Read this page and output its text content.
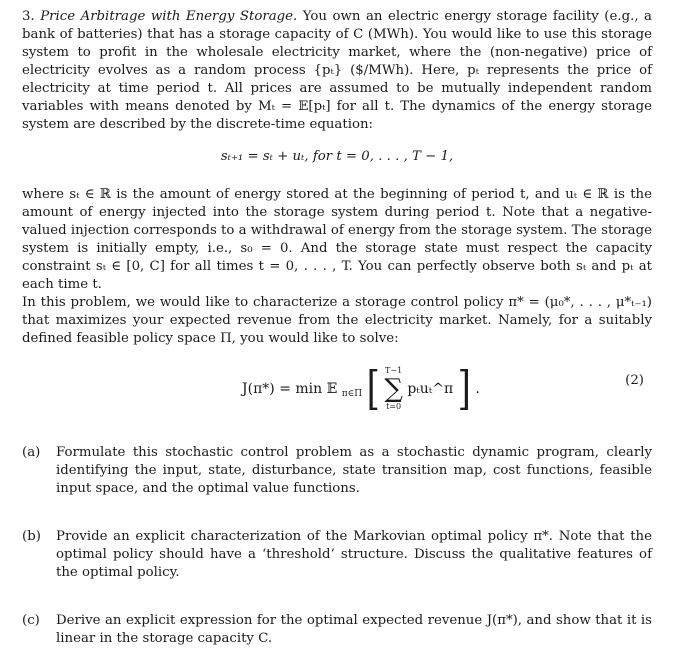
3. Price Arbitrage with Energy Storage. You own an electric energy storage facility (e.g., a bank of batteries) that has a storage capacity of C (MWh). You would like to use this storage system to profit in the wholesale electricity market, where the (non-negative) price of electricity evolves as a random process {pₜ} ($/MWh). Here, pₜ represents the price of electricity at time period t. All prices are assumed to be mutually independent random variables with means denoted by Mₜ = 𝔼[pₜ] for all t. The dynamics of the energy storage system are described by the discrete-time equation:

sₜ₊₁ = sₜ + uₜ, for t = 0, . . . , T − 1,

where sₜ ∈ ℝ is the amount of energy stored at the beginning of period t, and uₜ ∈ ℝ is the amount of energy injected into the storage system during period t. Note that a negative-valued injection corresponds to a withdrawal of energy from the storage system. The storage system is initially empty, i.e., s₀ = 0. And the storage state must respect the capacity constraint sₜ ∈ [0, C] for all times t = 0, . . . , T. You can perfectly observe both sₜ and pₜ at each time t.

In this problem, we would like to characterize a storage control policy π* = (μ₀*, . . . , μ*ₜ₋₁) that maximizes your expected revenue from the electricity market. Namely, for a suitably defined feasible policy space Π, you would like to solve:

J(π*) = min 𝔼 $_{\pi\in\Pi}$ [ T−1
∑
t=0 pₜuₜ^π ] .
(2)

(a) Formulate this stochastic control problem as a stochastic dynamic program, clearly identifying the input, state, disturbance, state transition map, cost functions, feasible input space, and the optimal value functions.

(b) Provide an explicit characterization of the Markovian optimal policy π*. Note that the optimal policy should have a ‘threshold’ structure. Discuss the qualitative features of the optimal policy.

(c) Derive an explicit expression for the optimal expected revenue J(π*), and show that it is linear in the storage capacity C.
